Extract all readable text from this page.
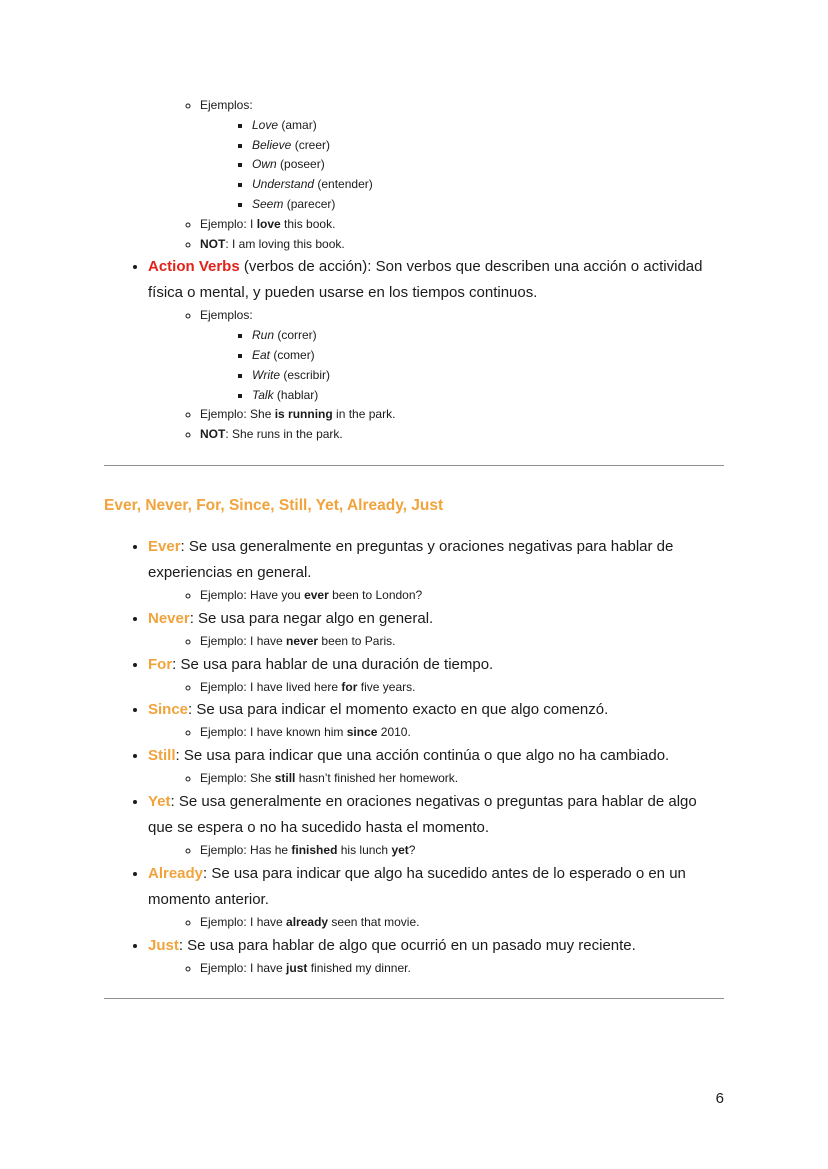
◦ Ejemplos:
▪ Love (amar)
▪ Believe (creer)
▪ Own (poseer)
▪ Understand (entender)
▪ Seem (parecer)
◦ Ejemplo: I love this book.
◦ NOT: I am loving this book.
• Action Verbs (verbos de acción): Son verbos que describen una acción o actividad física o mental, y pueden usarse en los tiempos continuos.
◦ Ejemplos:
▪ Run (correr)
▪ Eat (comer)
▪ Write (escribir)
▪ Talk (hablar)
◦ Ejemplo: She is running in the park.
◦ NOT: She runs in the park.
Ever, Never, For, Since, Still, Yet, Already, Just
• Ever: Se usa generalmente en preguntas y oraciones negativas para hablar de experiencias en general.
◦ Ejemplo: Have you ever been to London?
• Never: Se usa para negar algo en general.
◦ Ejemplo: I have never been to Paris.
• For: Se usa para hablar de una duración de tiempo.
◦ Ejemplo: I have lived here for five years.
• Since: Se usa para indicar el momento exacto en que algo comenzó.
◦ Ejemplo: I have known him since 2010.
• Still: Se usa para indicar que una acción continúa o que algo no ha cambiado.
◦ Ejemplo: She still hasn’t finished her homework.
• Yet: Se usa generalmente en oraciones negativas o preguntas para hablar de algo que se espera o no ha sucedido hasta el momento.
◦ Ejemplo: Has he finished his lunch yet?
• Already: Se usa para indicar que algo ha sucedido antes de lo esperado o en un momento anterior.
◦ Ejemplo: I have already seen that movie.
• Just: Se usa para hablar de algo que ocurrió en un pasado muy reciente.
◦ Ejemplo: I have just finished my dinner.
6
